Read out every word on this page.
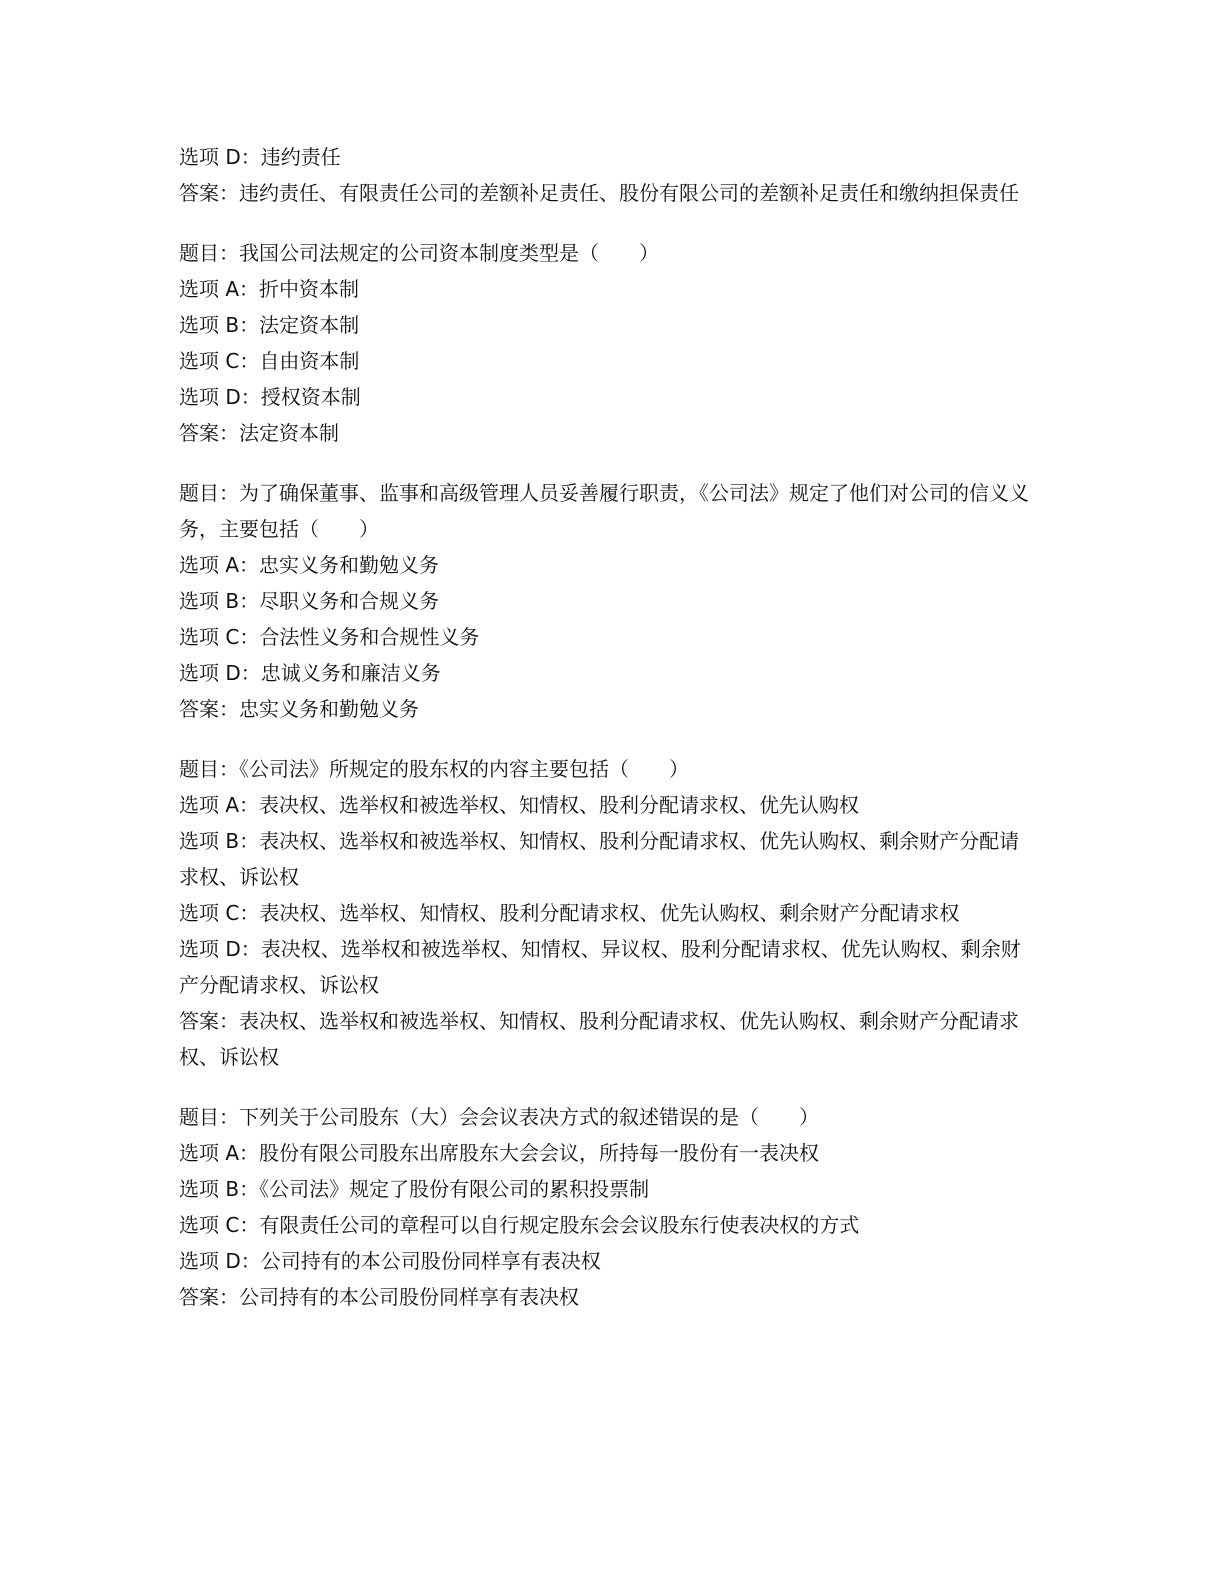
选项 D：违约责任
答案：违约责任、有限责任公司的差额补足责任、股份有限公司的差额补足责任和缴纳担保责任
题目：我国公司法规定的公司资本制度类型是（　　）
选项 A：折中资本制
选项 B：法定资本制
选项 C：自由资本制
选项 D：授权资本制
答案：法定资本制
题目：为了确保董事、监事和高级管理人员妥善履行职责，《公司法》规定了他们对公司的信义义务，主要包括（　　）
选项 A：忠实义务和勤勉义务
选项 B：尽职义务和合规义务
选项 C：合法性义务和合规性义务
选项 D：忠诚义务和廉洁义务
答案：忠实义务和勤勉义务
题目：《公司法》所规定的股东权的内容主要包括（　　）
选项 A：表决权、选举权和被选举权、知情权、股利分配请求权、优先认购权
选项 B：表决权、选举权和被选举权、知情权、股利分配请求权、优先认购权、剩余财产分配请求权、诉讼权
选项 C：表决权、选举权、知情权、股利分配请求权、优先认购权、剩余财产分配请求权
选项 D：表决权、选举权和被选举权、知情权、异议权、股利分配请求权、优先认购权、剩余财产分配请求权、诉讼权
答案：表决权、选举权和被选举权、知情权、股利分配请求权、优先认购权、剩余财产分配请求权、诉讼权
题目：下列关于公司股东（大）会会议表决方式的叙述错误的是（　　）
选项 A：股份有限公司股东出席股东大会会议，所持每一股份有一表决权
选项 B：《公司法》规定了股份有限公司的累积投票制
选项 C：有限责任公司的章程可以自行规定股东会会议股东行使表决权的方式
选项 D：公司持有的本公司股份同样享有表决权
答案：公司持有的本公司股份同样享有表决权
